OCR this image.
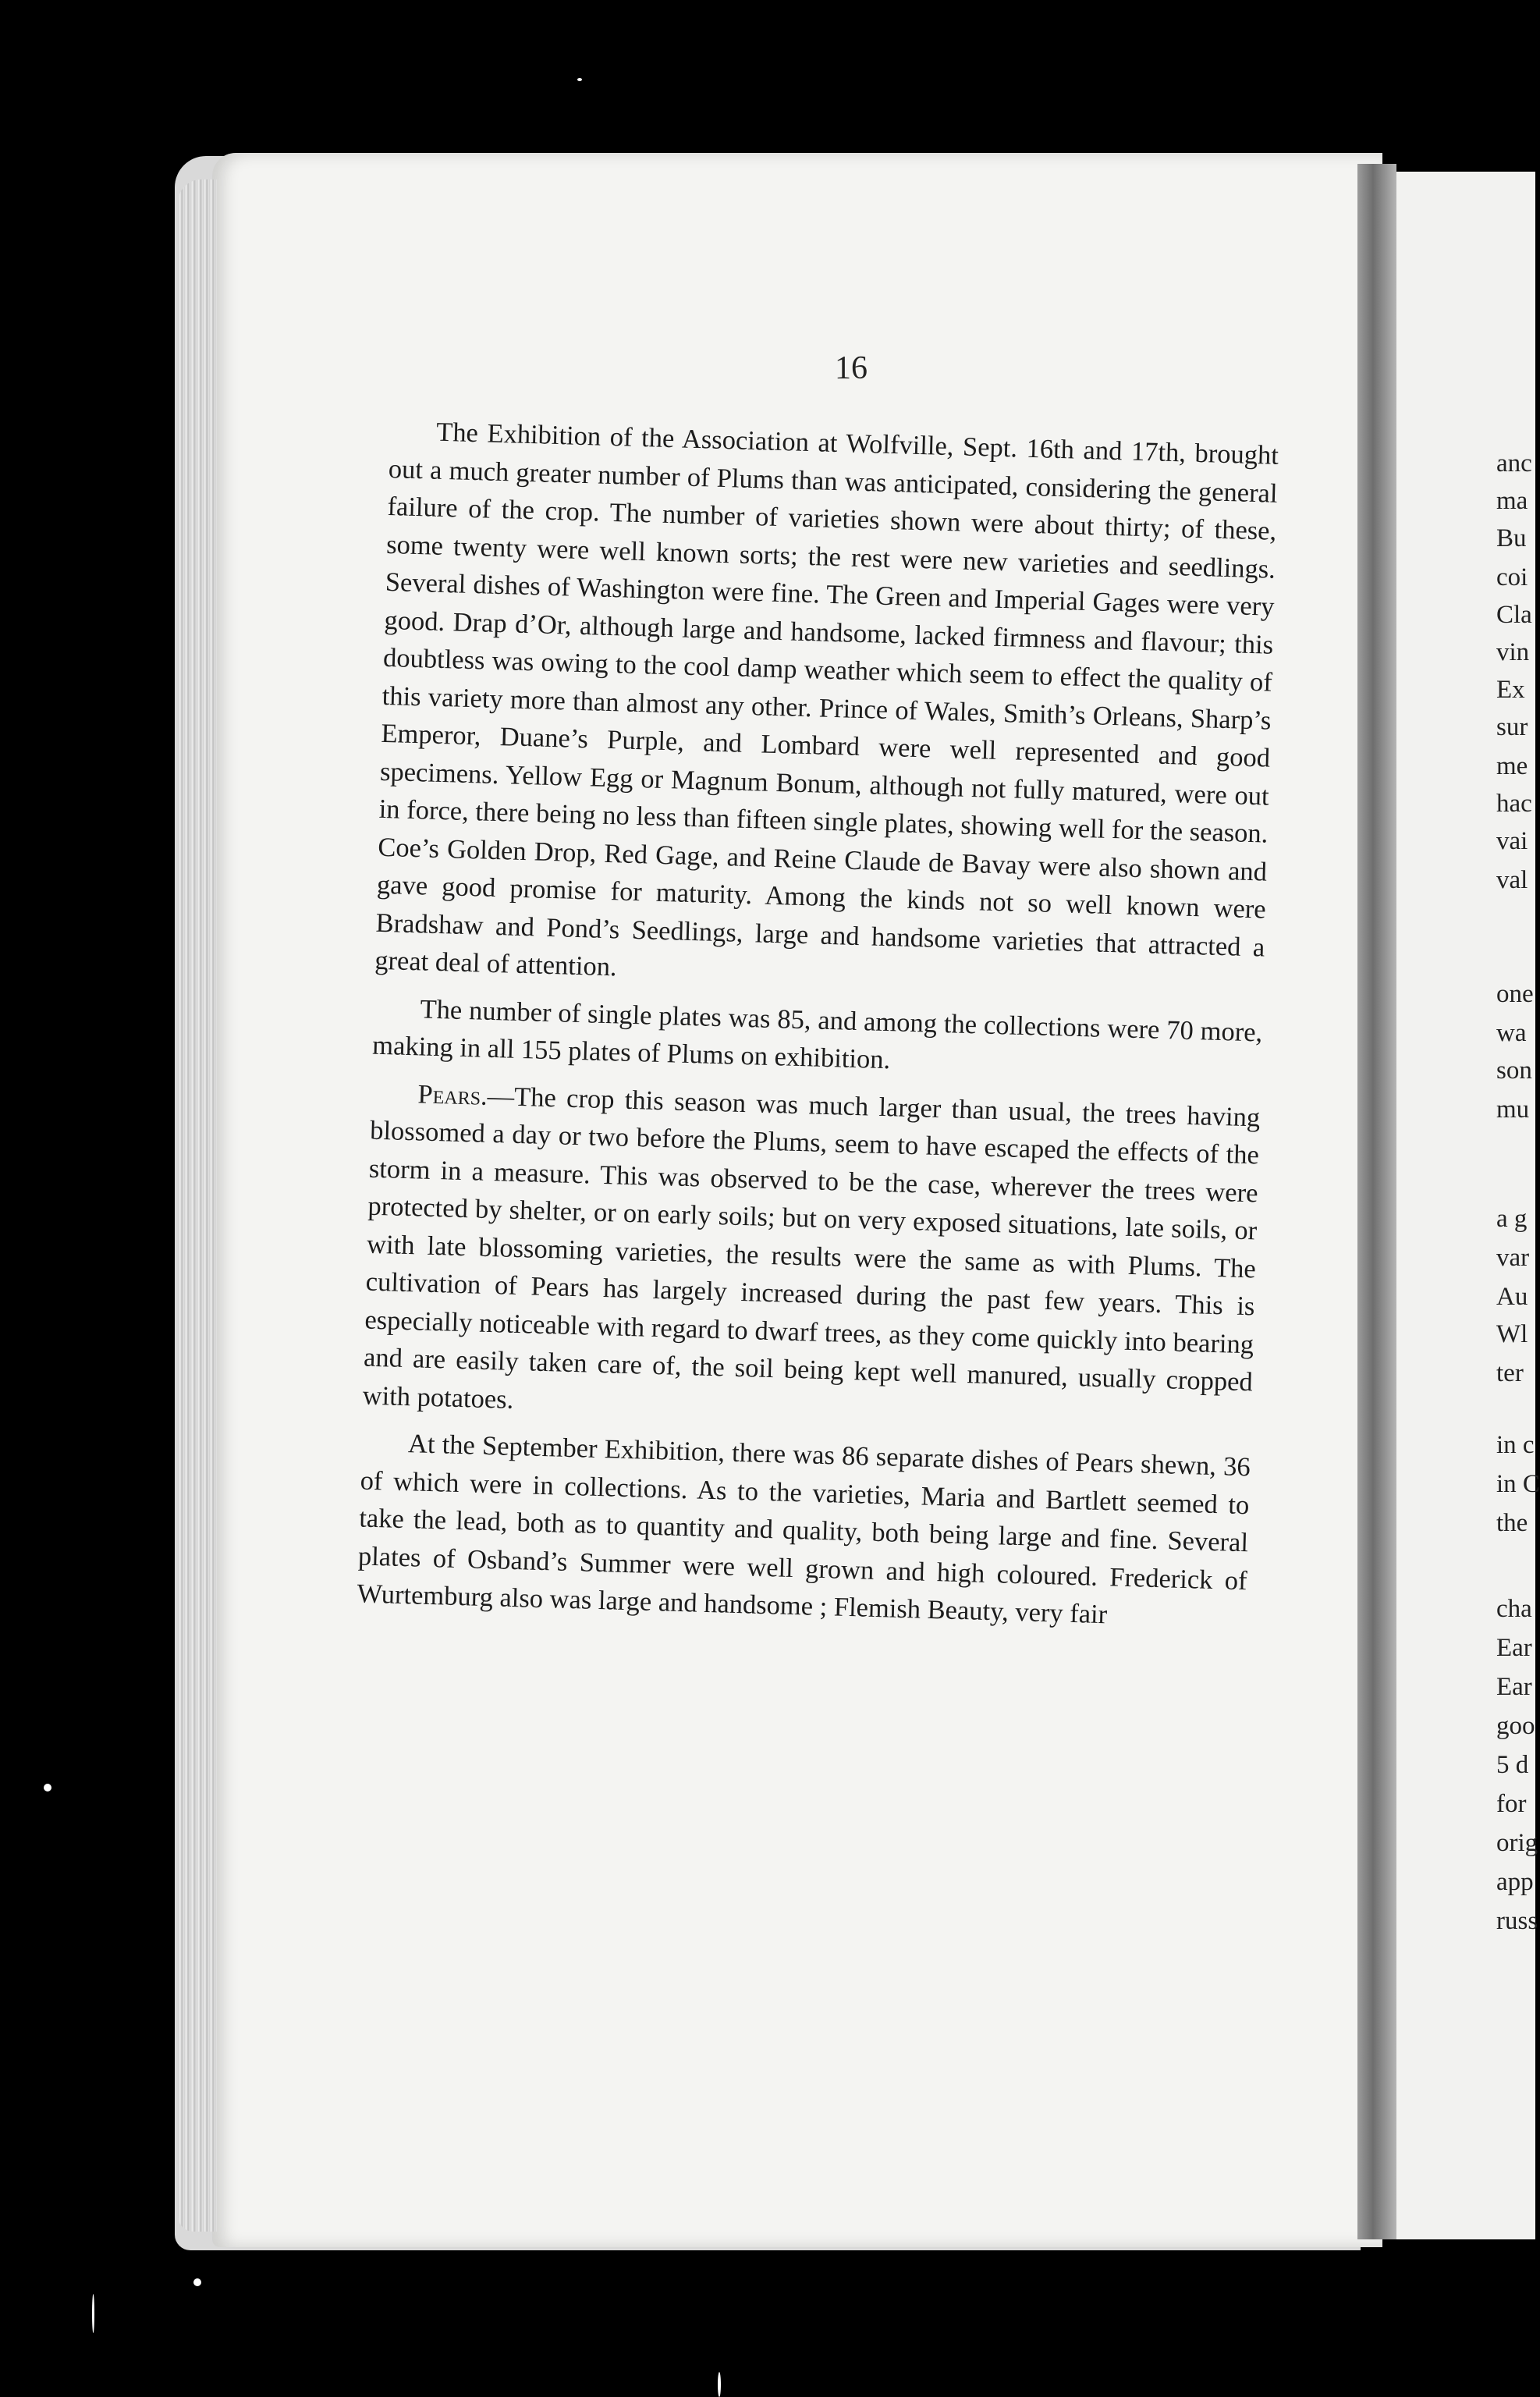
16

The Exhibition of the Association at Wolfville, Sept. 16th and 17th, brought out a much greater number of Plums than was anticipated, considering the general failure of the crop. The number of varieties shown were about thirty; of these, some twenty were well known sorts; the rest were new varieties and seedlings. Several dishes of Washington were fine. The Green and Imperial Gages were very good. Drap d’Or, although large and handsome, lacked firmness and flavour; this doubtless was owing to the cool damp weather which seem to effect the quality of this variety more than almost any other. Prince of Wales, Smith’s Orleans, Sharp’s Emperor, Duane’s Purple, and Lombard were well represented and good specimens. Yellow Egg or Magnum Bonum, although not fully matured, were out in force, there being no less than fifteen single plates, showing well for the season. Coe’s Golden Drop, Red Gage, and Reine Claude de Bavay were also shown and gave good promise for maturity. Among the kinds not so well known were Bradshaw and Pond’s Seedlings, large and handsome varieties that attracted a great deal of attention.

The number of single plates was 85, and among the collections were 70 more, making in all 155 plates of Plums on exhibition.

Pears.—The crop this season was much larger than usual, the trees having blossomed a day or two before the Plums, seem to have escaped the effects of the storm in a measure. This was observed to be the case, wherever the trees were protected by shelter, or on early soils; but on very exposed situations, late soils, or with late blossoming varieties, the results were the same as with Plums. The cultivation of Pears has largely increased during the past few years. This is especially noticeable with regard to dwarf trees, as they come quickly into bearing and are easily taken care of, the soil being kept well manured, usually cropped with potatoes.

At the September Exhibition, there was 86 separate dishes of Pears shewn, 36 of which were in collections. As to the varieties, Maria and Bartlett seemed to take the lead, both as to quantity and quality, both being large and fine. Several plates of Osband’s Summer were well grown and high coloured. Frederick of Wurtemburg also was large and handsome ; Flemish Beauty, very fair

anc
ma
Bu
coi
Cla
vin
Ex
sur
me
hac
vai
val
one
wa
son
mu
a g
var
Au
Wl
ter
in c
in C
the
cha
Ear
Ear
goo
5 d
for
orig
app
russ
